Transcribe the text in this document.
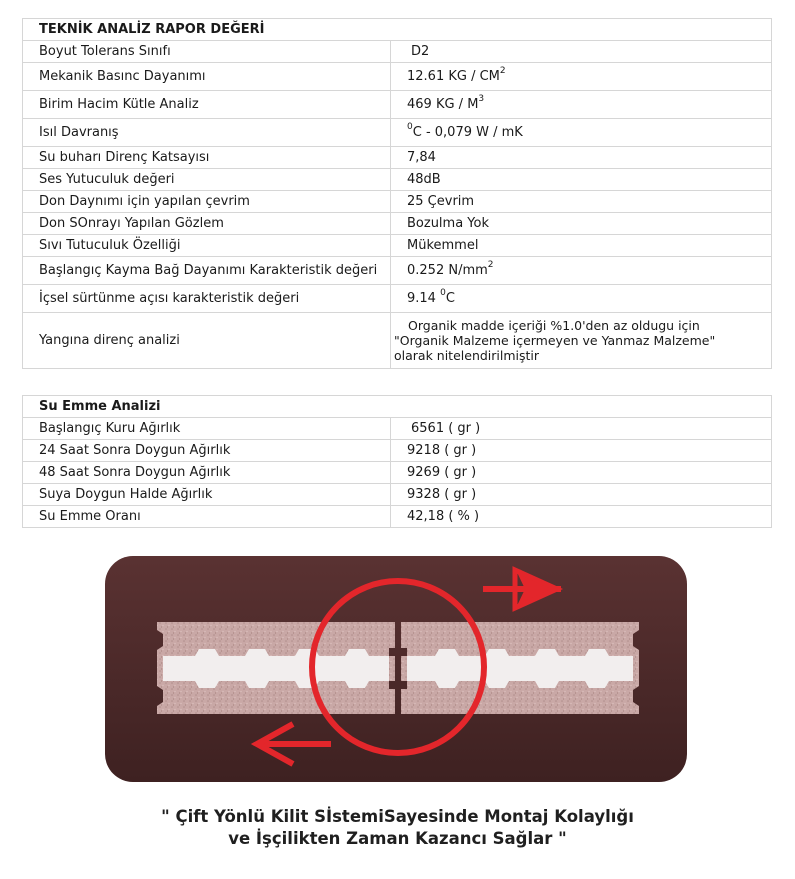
TEKNİK ANALİZ RAPOR DEĞERİ	
Boyut Tolerans Sınıfı	D2
Mekanik Basınc Dayanımı	12.61 KG / $CM^2$
Birim Hacim Kütle Analiz	469 KG / $M^3$
Isıl Davranış	$^0$C - 0,079 W / mK
Su buharı Direnç Katsayısı	7,84
Ses Yutuculuk değeri	48dB
Don Daynımı için yapılan çevrim	25 Çevrim
Don SOnrayı Yapılan Gözlem	Bozulma Yok
Sıvı Tutuculuk Özelliği	Mükemmel
Başlangıç Kayma Bağ Dayanımı Karakteristik değeri	0.252 $N/mm^2$
İçsel sürtünme açısı karakteristik değeri	9.14 $^0$C
Yangına direnç analizi	Organik madde içeriği %1.0'den az oldugu için
"Organik Malzeme içermeyen ve Yanmaz Malzeme"
olarak nitelendirilmiştir
Su Emme Analizi	
Başlangıç Kuru Ağırlık	6561 ( gr )
24 Saat Sonra Doygun Ağırlık	9218 ( gr )
48 Saat Sonra Doygun Ağırlık	9269 ( gr )
Suya Doygun Halde Ağırlık	9328 ( gr )
Su Emme Oranı	42,18 ( % )
" Çift Yönlü Kilit SİstemiSayesinde Montaj Kolaylığı
ve İşçilikten Zaman Kazancı Sağlar "
